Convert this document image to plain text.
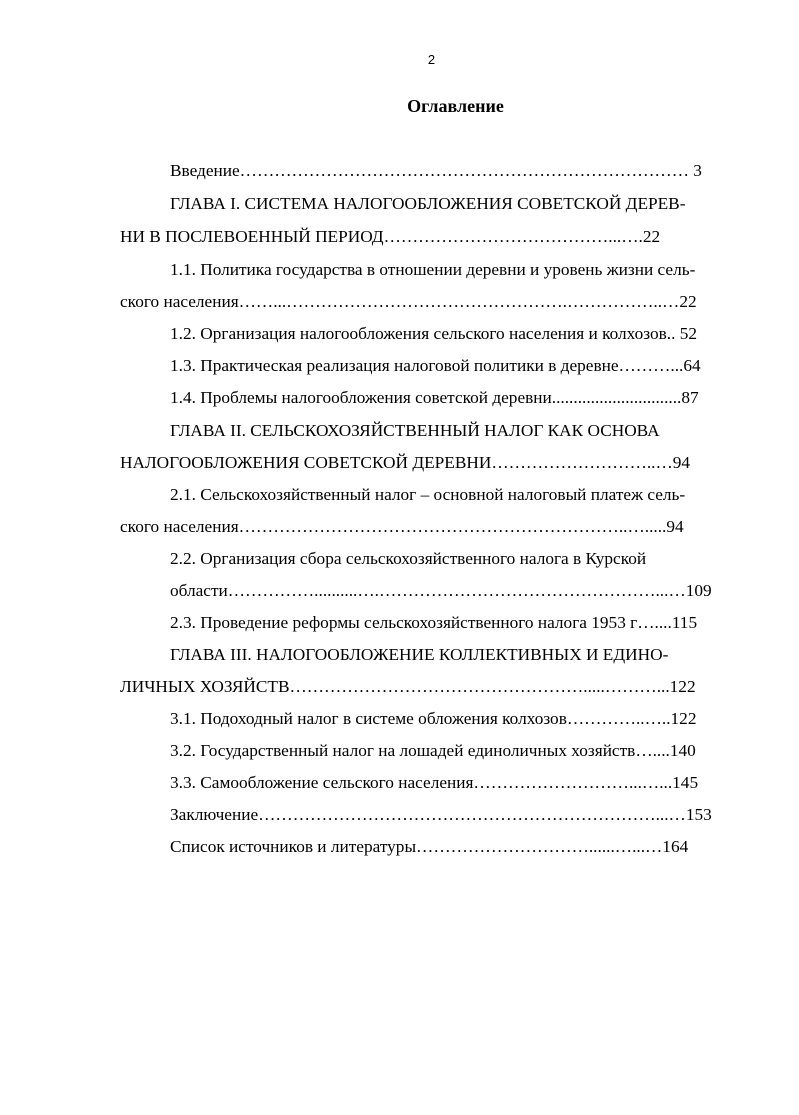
2
Оглавление
Введение…………………………………………………………………… 3
ГЛАВА I. СИСТЕМА НАЛОГООБЛОЖЕНИЯ СОВЕТСКОЙ ДЕРЕВ-
НИ В ПОСЛЕВОЕННЫЙ ПЕРИОД…………………………………...….22
1.1. Политика государства в отношении деревни и уровень жизни сель-
ского населения……...………………………………………….……………..…22
1.2. Организация налогообложения сельского населения и колхозов.. 52
1.3. Практическая реализация налоговой политики в деревне………...64
1.4. Проблемы налогообложения советской деревни..............................87
ГЛАВА II. СЕЛЬСКОХОЗЯЙСТВЕННЫЙ НАЛОГ КАК ОСНОВА
НАЛОГООБЛОЖЕНИЯ СОВЕТСКОЙ ДЕРЕВНИ………………………..…94
2.1. Сельскохозяйственный налог – основной налоговый платеж сель-
ского населения…………………………………………………………..….....94
2.2. Организация сбора сельскохозяйственного налога в Курской
области……………..........….…………………………………………...…109
2.3. Проведение реформы сельскохозяйственного налога 1953 г…....115
ГЛАВА III. НАЛОГООБЛОЖЕНИЕ КОЛЛЕКТИВНЫХ И ЕДИНО-
ЛИЧНЫХ ХОЗЯЙСТВ…………………………………………….....………...122
3.1. Подоходный налог в системе обложения колхозов…………..…..122
3.2. Государственный налог на лошадей единоличных хозяйств…....140
3.3. Самообложение сельского населения………………………...…...145
Заключение……………………………………………………………...…153
Список источников и литературы…………………………......…...…164
